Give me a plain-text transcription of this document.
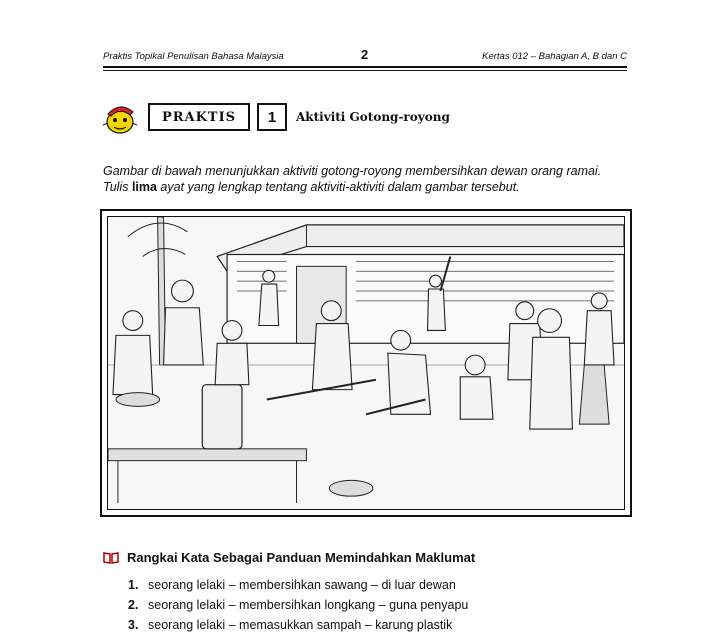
Praktis Topikal Penulisan Bahasa Malaysia	2	Kertas 012 – Bahagian A, B dan C
PRAKTIS	1	Aktiviti Gotong-royong
Gambar di bawah menunjukkan aktiviti gotong-royong membersihkan dewan orang ramai.
Tulis lima ayat yang lengkap tentang aktiviti-aktiviti dalam gambar tersebut.
Rangkai Kata Sebagai Panduan Memindahkan Maklumat
1. seorang lelaki – membersihkan sawang – di luar dewan
2. seorang lelaki – membersihkan longkang – guna penyapu
3. seorang lelaki – memasukkan sampah – karung plastik
